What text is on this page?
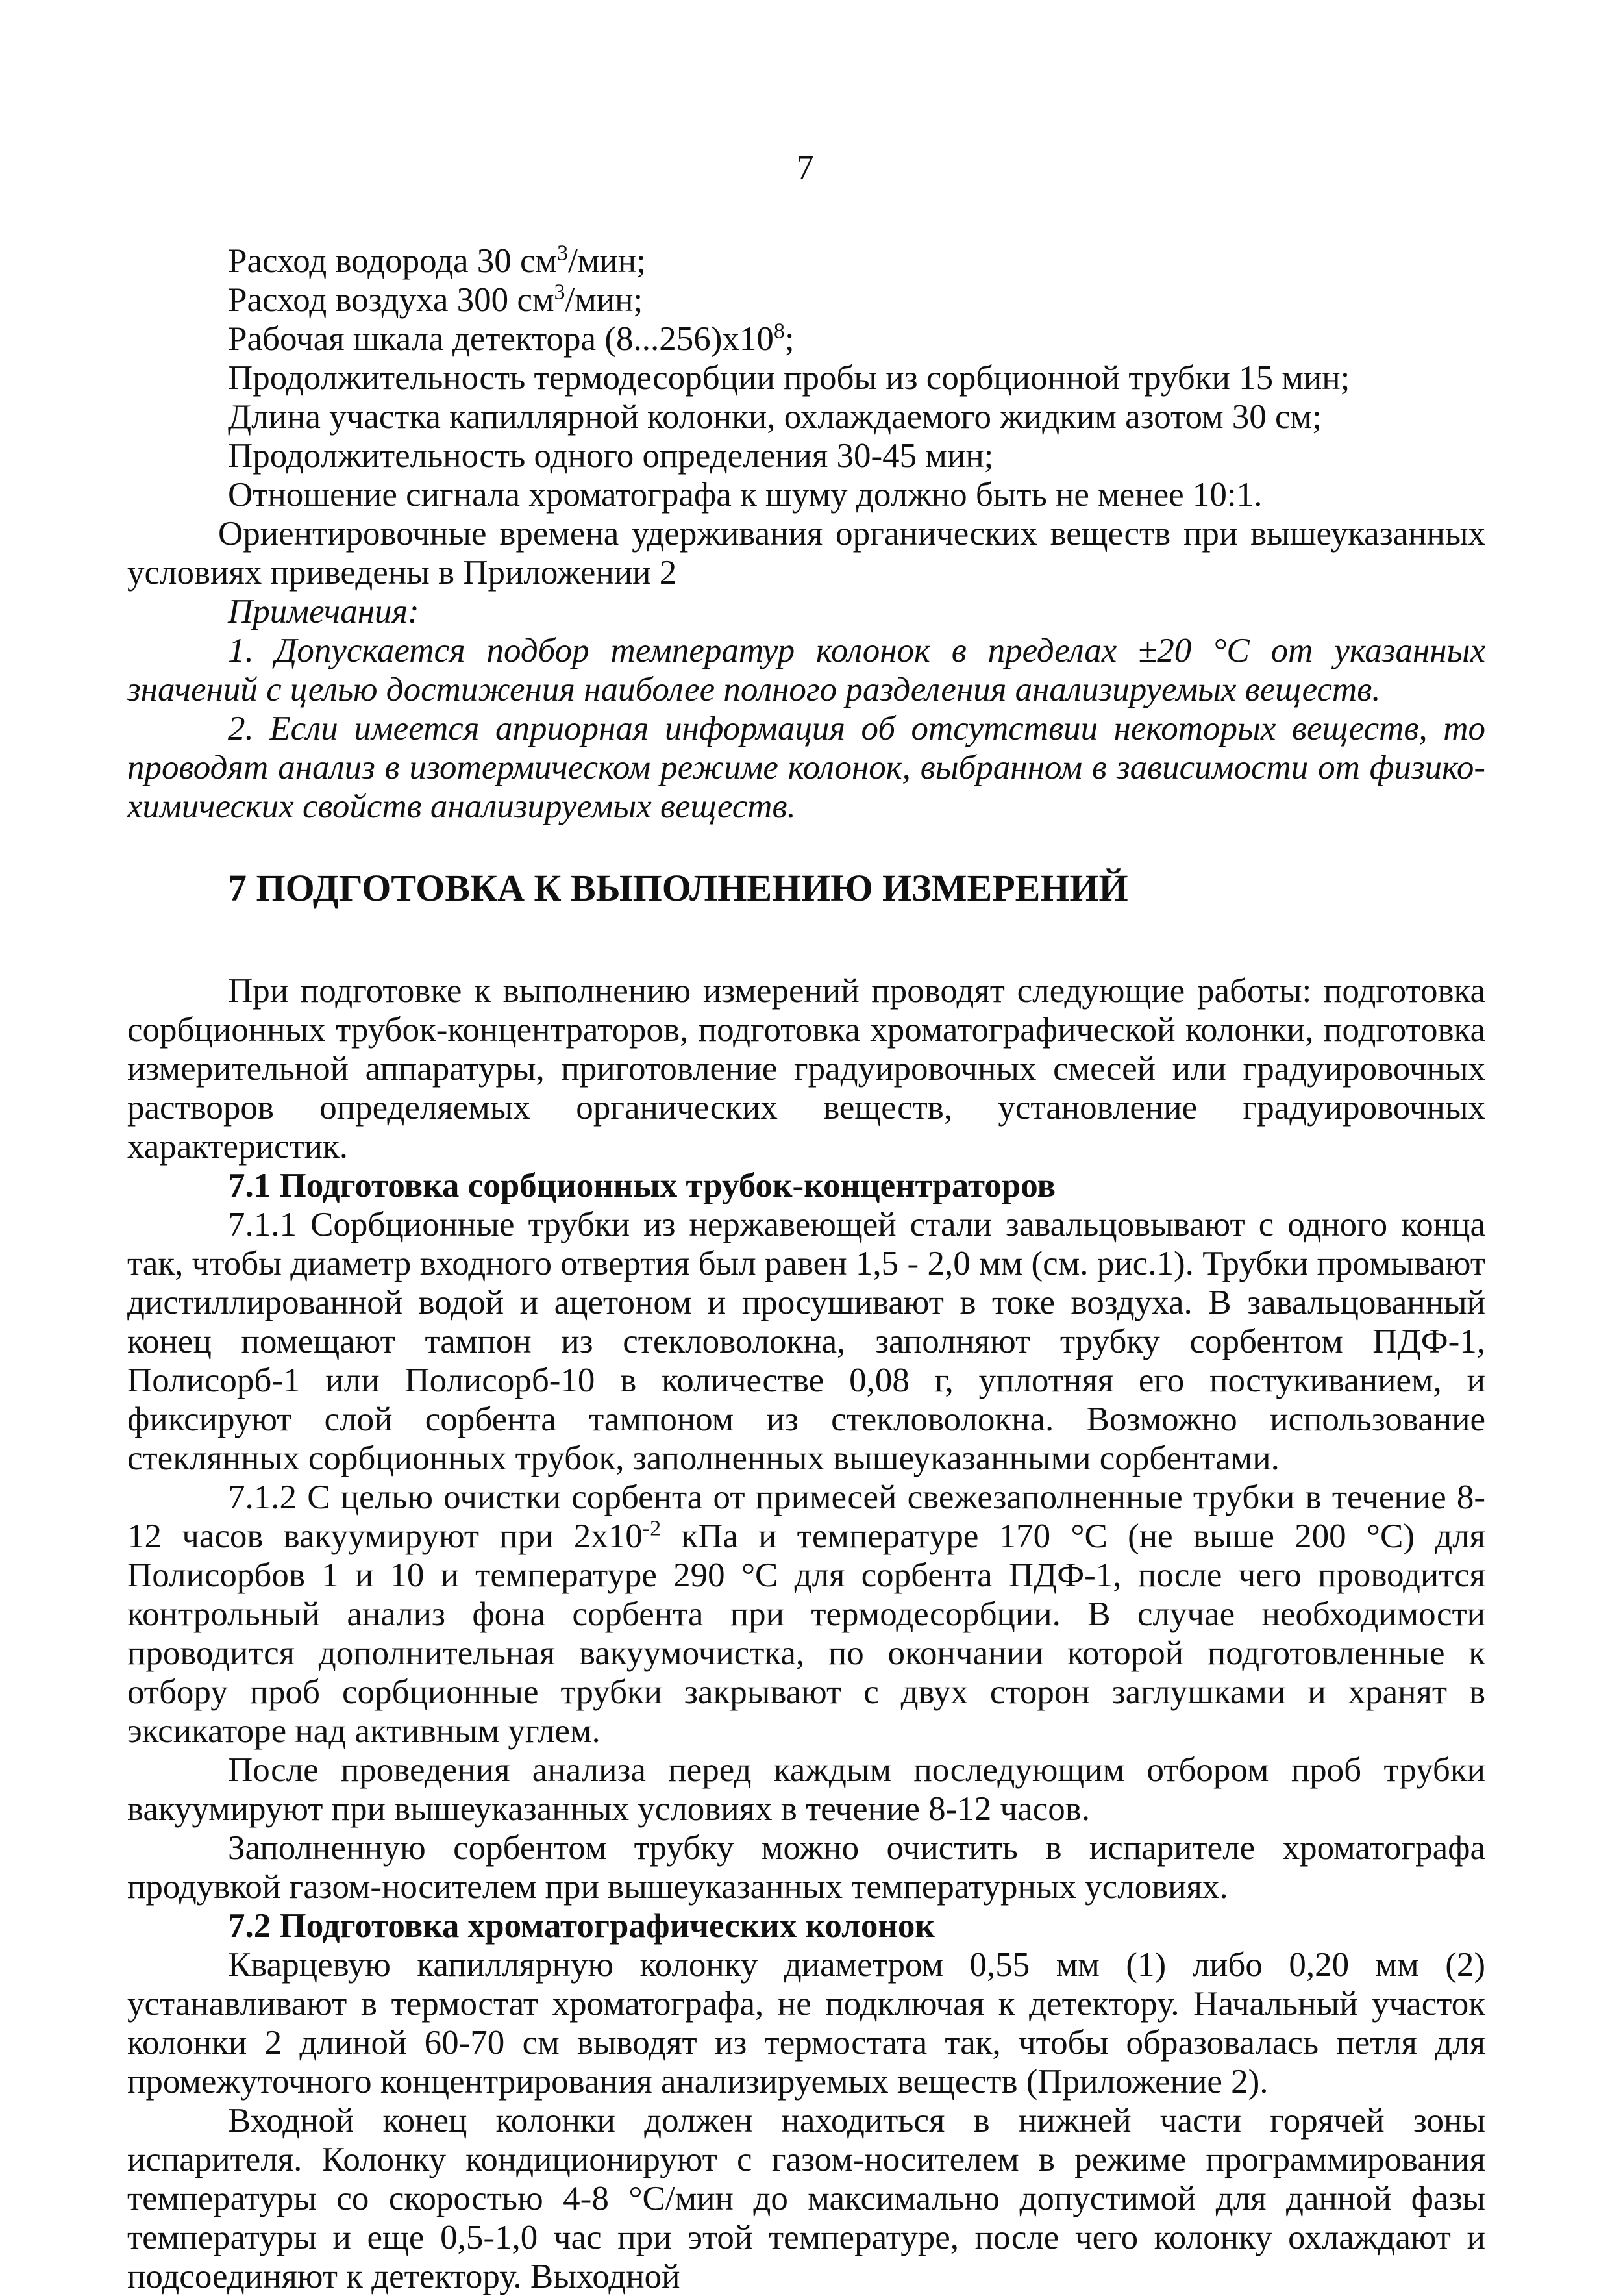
7

Расход водорода 30 $см^3$/мин;

Расход воздуха 300 $см^3$/мин;

Рабочая шкала детектора $(8...256)х10^8$;

Продолжительность термодесорбции пробы из сорбционной трубки 15 мин;

Длина участка капиллярной колонки, охлаждаемого жидким азотом 30 см;

Продолжительность одного определения 30-45 мин;

Отношение сигнала хроматографа к шуму должно быть не менее 10:1.

Ориентировочные времена удерживания органических веществ при вышеуказанных условиях приведены в Приложении 2

Примечания:

1. Допускается подбор температур колонок в пределах ±20 °С от указанных значений с целью достижения наиболее полного разделения анализируемых веществ.

2. Если имеется априорная информация об отсутствии некоторых веществ, то проводят анализ в изотермическом режиме колонок, выбранном в зависимости от физико-химических свойств анализируемых веществ.

7 ПОДГОТОВКА К ВЫПОЛНЕНИЮ ИЗМЕРЕНИЙ

При подготовке к выполнению измерений проводят следующие работы: подготовка сорбционных трубок-концентраторов, подготовка хроматографической колонки, подготовка измерительной аппаратуры, приготовление градуировочных смесей или градуировочных растворов определяемых органических веществ, установление градуировочных характеристик.

7.1 Подготовка сорбционных трубок-концентраторов

7.1.1 Сорбционные трубки из нержавеющей стали завальцовывают с одного конца так, чтобы диаметр входного отвертия был равен 1,5 - 2,0 мм (см. рис.1). Трубки промывают дистиллированной водой и ацетоном и просушивают в токе воздуха. В завальцованный конец помещают тампон из стекловолокна, заполняют трубку сорбентом ПДФ-1, Полисорб-1 или Полисорб-10 в количестве 0,08 г, уплотняя его постукиванием, и фиксируют слой сорбента тампоном из стекловолокна. Возможно использование стеклянных сорбционных трубок, заполненных вышеуказанными сорбентами.

7.1.2 С целью очистки сорбента от примесей свежезаполненные трубки в течение 8-12 часов вакуумируют при $2х10^{-2}$ кПа и температуре 170 °С (не выше 200 °С) для Полисорбов 1 и 10 и температуре 290 °С для сорбента ПДФ-1, после чего проводится контрольный анализ фона сорбента при термодесорбции. В случае необходимости проводится дополнительная вакуумочистка, по окончании которой подготовленные к отбору проб сорбционные трубки закрывают с двух сторон заглушками и хранят в эксикаторе над активным углем.

После проведения анализа перед каждым последующим отбором проб трубки вакуумируют при вышеуказанных условиях в течение 8-12 часов.

Заполненную сорбентом трубку можно очистить в испарителе хроматографа продувкой газом-носителем при вышеуказанных температурных условиях.

7.2 Подготовка хроматографических колонок

Кварцевую капиллярную колонку диаметром 0,55 мм (1) либо 0,20 мм (2) устанавливают в термостат хроматографа, не подключая к детектору. Начальный участок колонки 2 длиной 60-70 см выводят из термостата так, чтобы образовалась петля для промежуточного концентрирования анализируемых веществ (Приложение 2).

Входной конец колонки должен находиться в нижней части горячей зоны испарителя. Колонку кондиционируют с газом-носителем в режиме программирования температуры со скоростью 4-8 °С/мин до максимально допустимой для данной фазы температуры и еще 0,5-1,0 час при этой температуре, после чего колонку охлаждают и подсоединяют к детектору. Выходной
